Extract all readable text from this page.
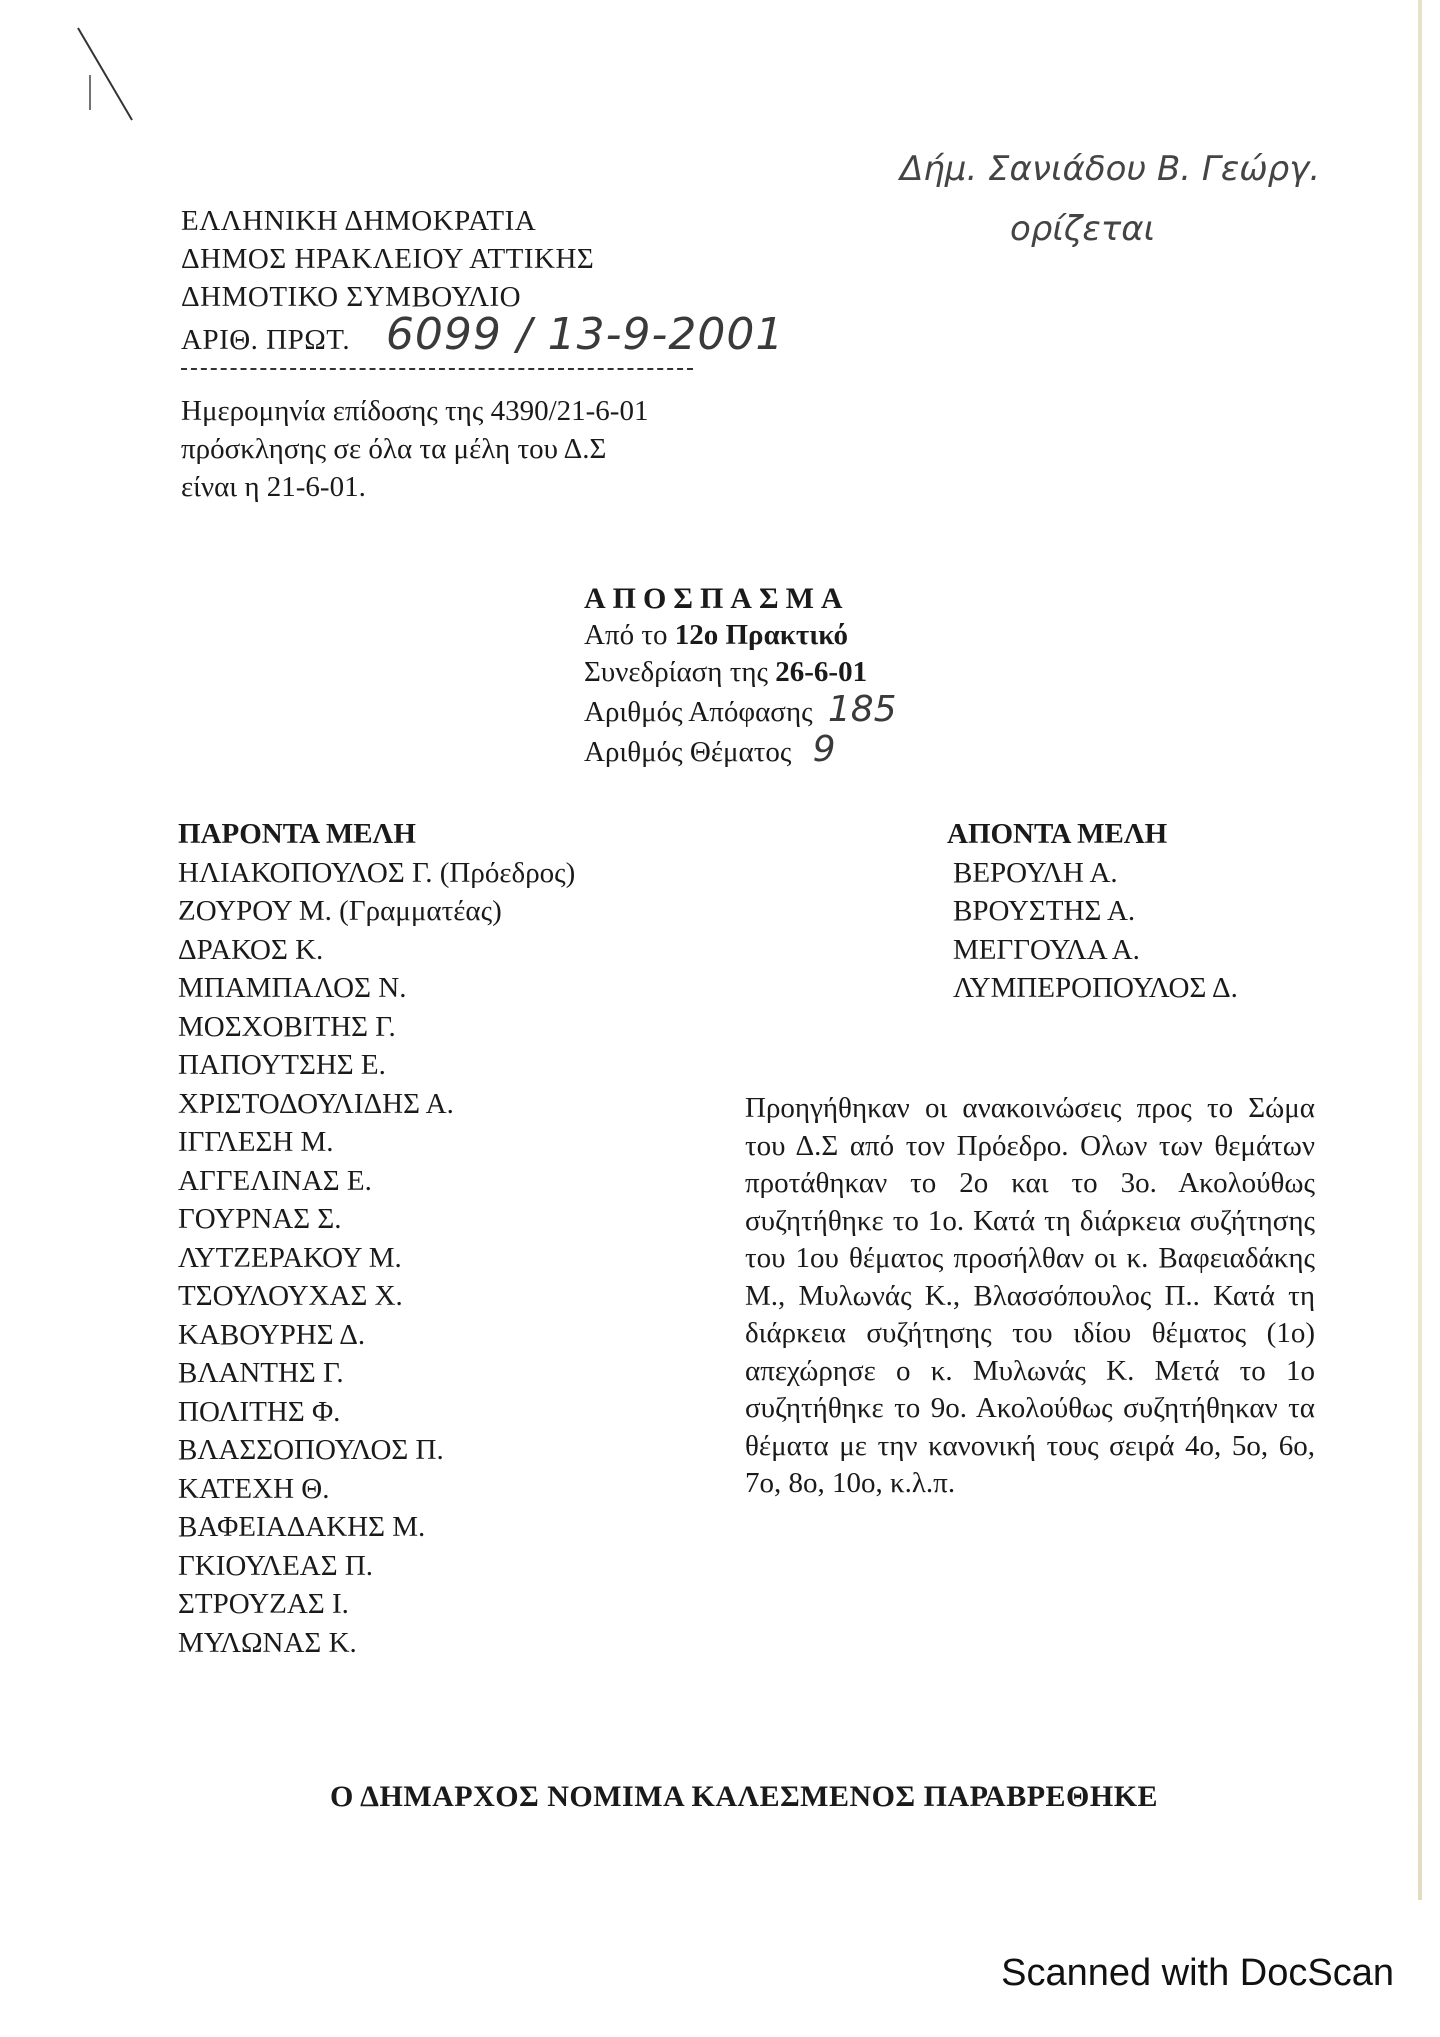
Δήμ. Σανιάδου Β. Γεώργ.
ορίζεται
ΕΛΛΗΝΙΚΗ ΔΗΜΟΚΡΑΤΙΑ
ΔΗΜΟΣ ΗΡΑΚΛΕΙΟΥ ΑΤΤΙΚΗΣ
ΔΗΜΟΤΙΚΟ ΣΥΜΒΟΥΛΙΟ
ΑΡΙΘ. ΠΡΩΤ. 6099 / 13-9-2001
Ημερομηνία επίδοσης της 4390/21-6-01
πρόσκλησης σε όλα τα μέλη του Δ.Σ
είναι η 21-6-01.
ΑΠΟΣΠΑΣΜΑ
Από το 12ο Πρακτικό
Συνεδρίαση της 26-6-01
Αριθμός Απόφασης 185
Αριθμός Θέματος 9
ΠΑΡΟΝΤΑ ΜΕΛΗ
ΗΛΙΑΚΟΠΟΥΛΟΣ Γ. (Πρόεδρος)
ΖΟΥΡΟΥ Μ. (Γραμματέας)
ΔΡΑΚΟΣ Κ.
ΜΠΑΜΠΑΛΟΣ Ν.
ΜΟΣΧΟΒΙΤΗΣ Γ.
ΠΑΠΟΥΤΣΗΣ Ε.
ΧΡΙΣΤΟΔΟΥΛΙΔΗΣ Α.
ΙΓΓΛΕΣΗ Μ.
ΑΓΓΕΛΙΝΑΣ Ε.
ΓΟΥΡΝΑΣ Σ.
ΛΥΤΖΕΡΑΚΟΥ Μ.
ΤΣΟΥΛΟΥΧΑΣ Χ.
ΚΑΒΟΥΡΗΣ Δ.
ΒΛΑΝΤΗΣ Γ.
ΠΟΛΙΤΗΣ Φ.
ΒΛΑΣΣΟΠΟΥΛΟΣ Π.
ΚΑΤΕΧΗ Θ.
ΒΑΦΕΙΑΔΑΚΗΣ Μ.
ΓΚΙΟΥΛΕΑΣ Π.
ΣΤΡΟΥΖΑΣ Ι.
ΜΥΛΩΝΑΣ Κ.
ΑΠΟΝΤΑ ΜΕΛΗ
ΒΕΡΟΥΛΗ Α.
ΒΡΟΥΣΤΗΣ Α.
ΜΕΓΓΟΥΛΑ Α.
ΛΥΜΠΕΡΟΠΟΥΛΟΣ Δ.

Προηγήθηκαν οι ανακοινώσεις προς το Σώμα του Δ.Σ από τον Πρόεδρο. Ολων των θεμάτων προτάθηκαν το 2ο και το 3ο. Ακολούθως συζητήθηκε το 1ο. Κατά τη διάρκεια συζήτησης του 1ου θέματος προσήλθαν οι κ. Βαφειαδάκης Μ., Μυλωνάς Κ., Βλασσόπουλος Π.. Κατά τη διάρκεια συζήτησης του ιδίου θέματος (1ο) απεχώρησε ο κ. Μυλωνάς Κ. Μετά το 1ο συζητήθηκε το 9ο. Ακολούθως συζητήθηκαν τα θέματα με την κανονική τους σειρά 4ο, 5ο, 6ο, 7ο, 8ο, 10ο, κ.λ.π.

Ο ΔΗΜΑΡΧΟΣ ΝΟΜΙΜΑ ΚΑΛΕΣΜΕΝΟΣ ΠΑΡΑΒΡΕΘΗΚΕ
Scanned with DocScan
